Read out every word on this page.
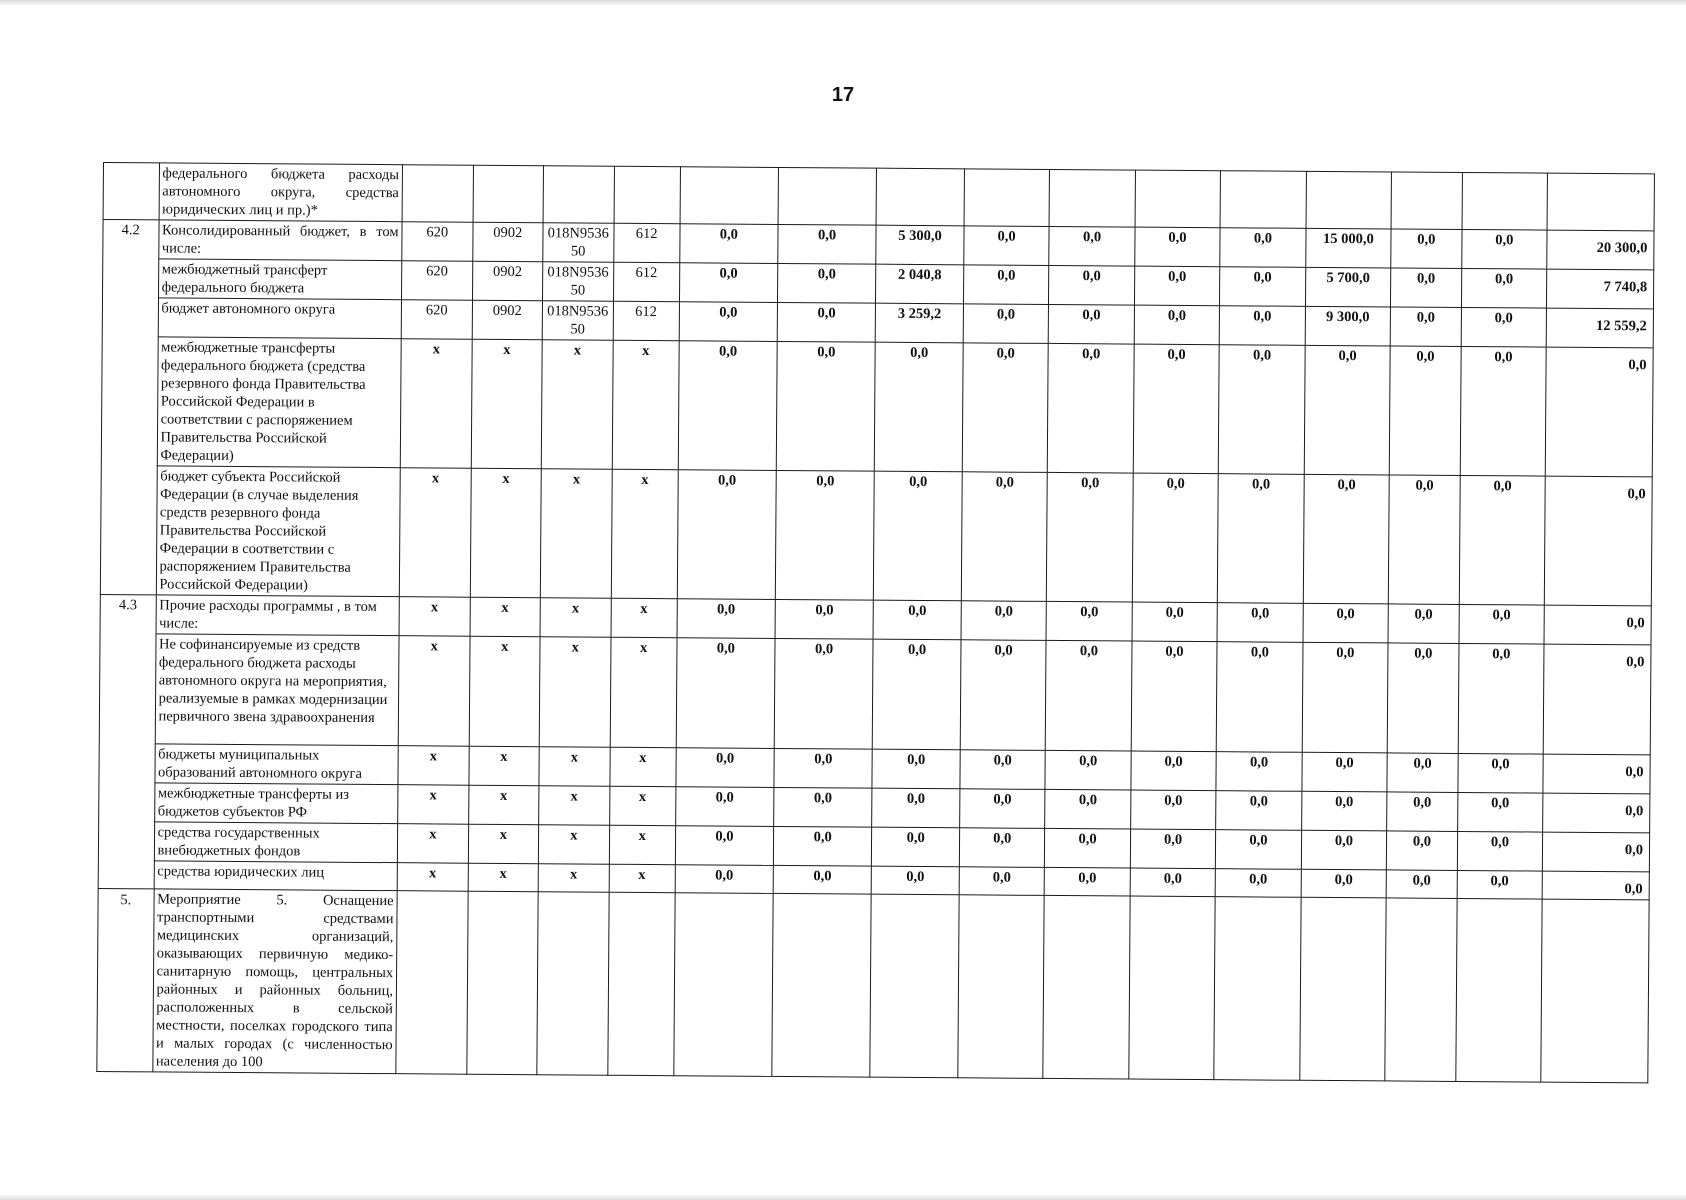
17
	федерального бюджета расходы автономного округа, средства юридических лиц и пр.)*															
4.2	Консолидированный бюджет, в том числе:	620	0902	018N9536 50	612	0,0	0,0	5 300,0	0,0	0,0	0,0	0,0	15 000,0	0,0	0,0	20 300,0
	межбюджетный трансферт федерального бюджета	620	0902	018N9536 50	612	0,0	0,0	2 040,8	0,0	0,0	0,0	0,0	5 700,0	0,0	0,0	7 740,8
	бюджет автономного округа	620	0902	018N9536 50	612	0,0	0,0	3 259,2	0,0	0,0	0,0	0,0	9 300,0	0,0	0,0	12 559,2
	межбюджетные трансферты федерального бюджета (средства резервного фонда Правительства Российской Федерации в соответствии с распоряжением Правительства Российской Федерации)	x	x	x	x	0,0	0,0	0,0	0,0	0,0	0,0	0,0	0,0	0,0	0,0	0,0
	бюджет субъекта Российской Федерации (в случае выделения средств резервного фонда Правительства Российской Федерации в соответствии с распоряжением Правительства Российской Федерации)	x	x	x	x	0,0	0,0	0,0	0,0	0,0	0,0	0,0	0,0	0,0	0,0	0,0
4.3	Прочие расходы программы , в том числе:	x	x	x	x	0,0	0,0	0,0	0,0	0,0	0,0	0,0	0,0	0,0	0,0	0,0
	Не софинансируемые из средств федерального бюджета расходы автономного округа на мероприятия, реализуемые в рамках модернизации первичного звена здравоохранения	x	x	x	x	0,0	0,0	0,0	0,0	0,0	0,0	0,0	0,0	0,0	0,0	0,0
	бюджеты муниципальных образований автономного округа	x	x	x	x	0,0	0,0	0,0	0,0	0,0	0,0	0,0	0,0	0,0	0,0	0,0
	межбюджетные трансферты из бюджетов субъектов РФ	x	x	x	x	0,0	0,0	0,0	0,0	0,0	0,0	0,0	0,0	0,0	0,0	0,0
	средства государственных внебюджетных фондов	x	x	x	x	0,0	0,0	0,0	0,0	0,0	0,0	0,0	0,0	0,0	0,0	0,0
	средства юридических лиц	x	x	x	x	0,0	0,0	0,0	0,0	0,0	0,0	0,0	0,0	0,0	0,0	0,0
5.	Мероприятие 5. Оснащение транспортными средствами медицинских организаций, оказывающих первичную медико-санитарную помощь, центральных районных и районных больниц, расположенных в сельской местности, поселках городского типа и малых городах (с численностью населения до 100															
